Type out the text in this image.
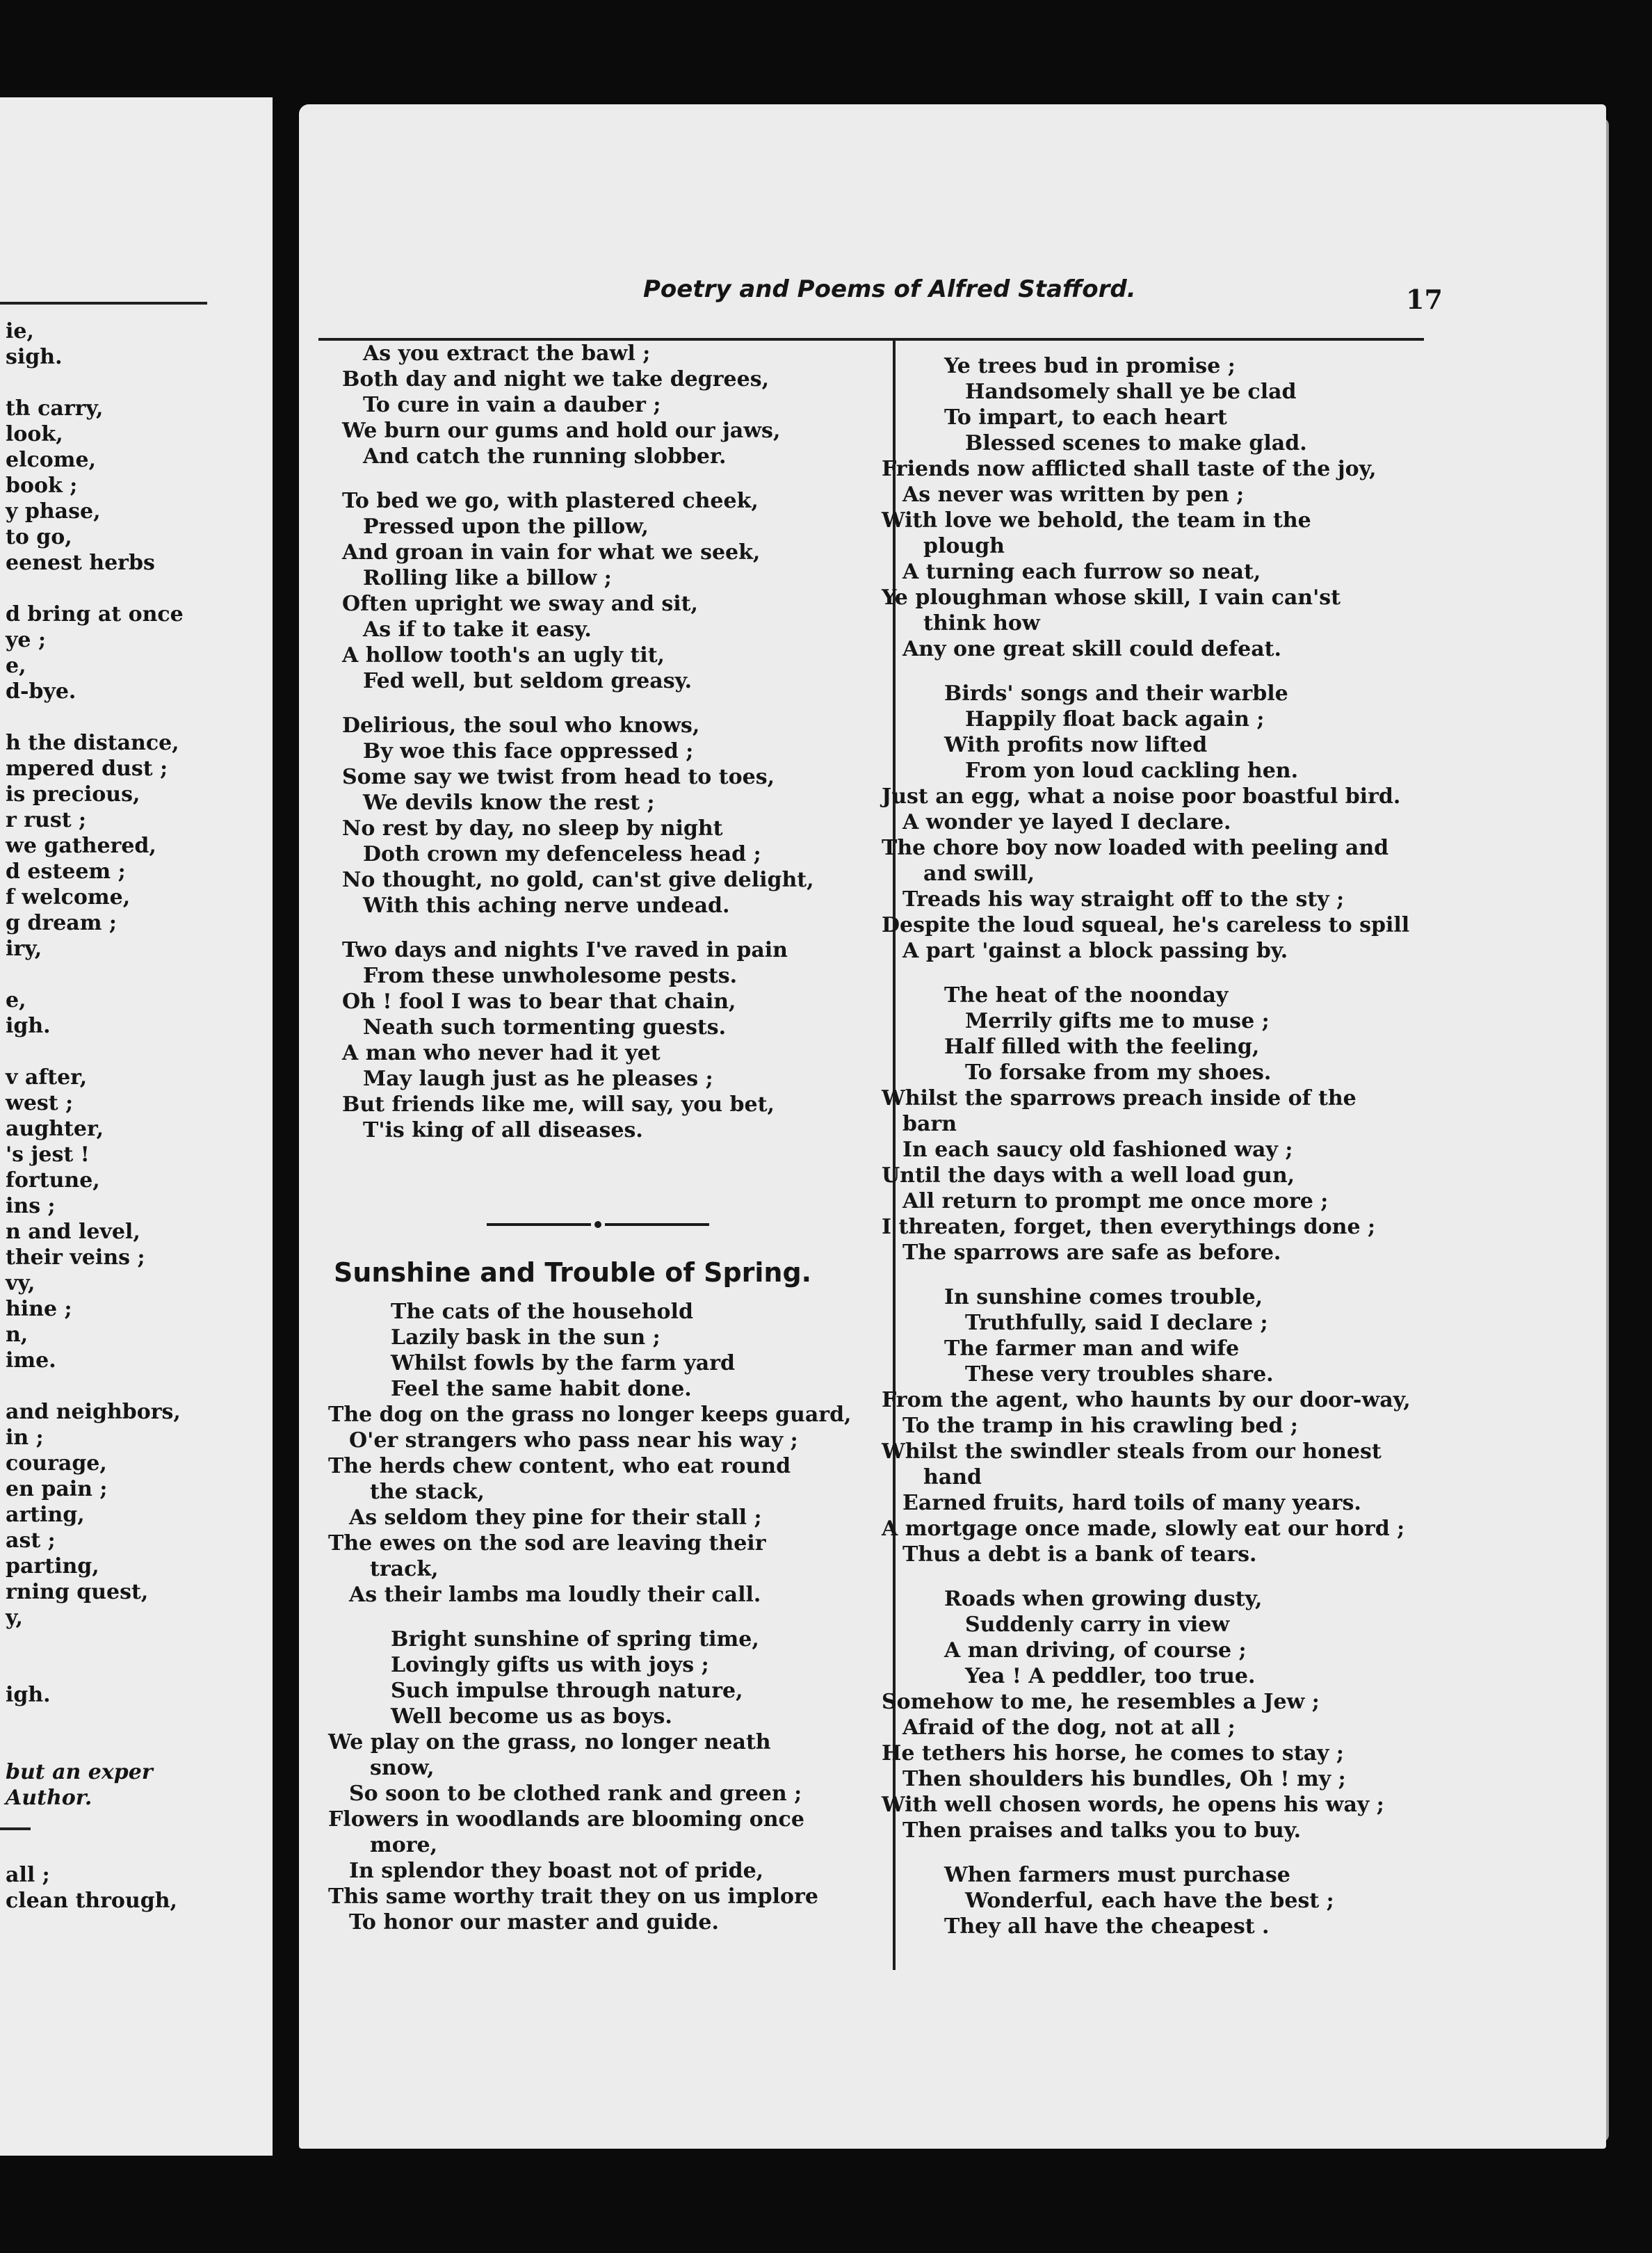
ie,
sigh.
th carry,
look,
elcome,
book ;
y phase,
to go,
eenest herbs
d bring at once
ye ;
e,
d-bye.
h the distance,
mpered dust ;
is precious,
r rust ;
we gathered,
d esteem ;
f welcome,
g dream ;
iry,
e,
igh.
v after,
west ;
aughter,
's jest !
fortune,
ins ;
n and level,
their veins ;
vy,
hine ;
n,
ime.
and neighbors,
in ;
courage,
en pain ;
arting,
ast ;
parting,
rning quest,
y,
igh.
but an exper
Author.
all ;
clean through,
Poetry and Poems of Alfred Stafford.	17
As you extract the bawl ;
Both day and night we take degrees,
To cure in vain a dauber ;
We burn our gums and hold our jaws,
And catch the running slobber.
To bed we go, with plastered cheek,
Pressed upon the pillow,
And groan in vain for what we seek,
Rolling like a billow ;
Often upright we sway and sit,
As if to take it easy.
A hollow tooth's an ugly tit,
Fed well, but seldom greasy.
Delirious, the soul who knows,
By woe this face oppressed ;
Some say we twist from head to toes,
We devils know the rest ;
No rest by day, no sleep by night
Doth crown my defenceless head ;
No thought, no gold, can'st give delight,
With this aching nerve undead.
Two days and nights I've raved in pain
From these unwholesome pests.
Oh ! fool I was to bear that chain,
Neath such tormenting guests.
A man who never had it yet
May laugh just as he pleases ;
But friends like me, will say, you bet,
T'is king of all diseases.
Sunshine and Trouble of Spring.
The cats of the household
Lazily bask in the sun ;
Whilst fowls by the farm yard
Feel the same habit done.
The dog on the grass no longer keeps guard,
O'er strangers who pass near his way ;
The herds chew content, who eat round
the stack,
As seldom they pine for their stall ;
The ewes on the sod are leaving their
track,
As their lambs ma loudly their call.
Bright sunshine of spring time,
Lovingly gifts us with joys ;
Such impulse through nature,
Well become us as boys.
We play on the grass, no longer neath
snow,
So soon to be clothed rank and green ;
Flowers in woodlands are blooming once
more,
In splendor they boast not of pride,
This same worthy trait they on us implore
To honor our master and guide.
Ye trees bud in promise ;
Handsomely shall ye be clad
To impart, to each heart
Blessed scenes to make glad.
Friends now afflicted shall taste of the joy,
As never was written by pen ;
With love we behold, the team in the
plough
A turning each furrow so neat,
Ye ploughman whose skill, I vain can'st
think how
Any one great skill could defeat.
Birds' songs and their warble
Happily float back again ;
With profits now lifted
From yon loud cackling hen.
Just an egg, what a noise poor boastful bird.
A wonder ye layed I declare.
The chore boy now loaded with peeling and
and swill,
Treads his way straight off to the sty ;
Despite the loud squeal, he's careless to spill
A part 'gainst a block passing by.
The heat of the noonday
Merrily gifts me to muse ;
Half filled with the feeling,
To forsake from my shoes.
Whilst the sparrows preach inside of the
barn
In each saucy old fashioned way ;
Until the days with a well load gun,
All return to prompt me once more ;
I threaten, forget, then everythings done ;
The sparrows are safe as before.
In sunshine comes trouble,
Truthfully, said I declare ;
The farmer man and wife
These very troubles share.
From the agent, who haunts by our door-way,
To the tramp in his crawling bed ;
Whilst the swindler steals from our honest
hand
Earned fruits, hard toils of many years.
A mortgage once made, slowly eat our hord ;
Thus a debt is a bank of tears.
Roads when growing dusty,
Suddenly carry in view
A man driving, of course ;
Yea ! A peddler, too true.
Somehow to me, he resembles a Jew ;
Afraid of the dog, not at all ;
He tethers his horse, he comes to stay ;
Then shoulders his bundles, Oh ! my ;
With well chosen words, he opens his way ;
Then praises and talks you to buy.
When farmers must purchase
Wonderful, each have the best ;
They all have the cheapest .
